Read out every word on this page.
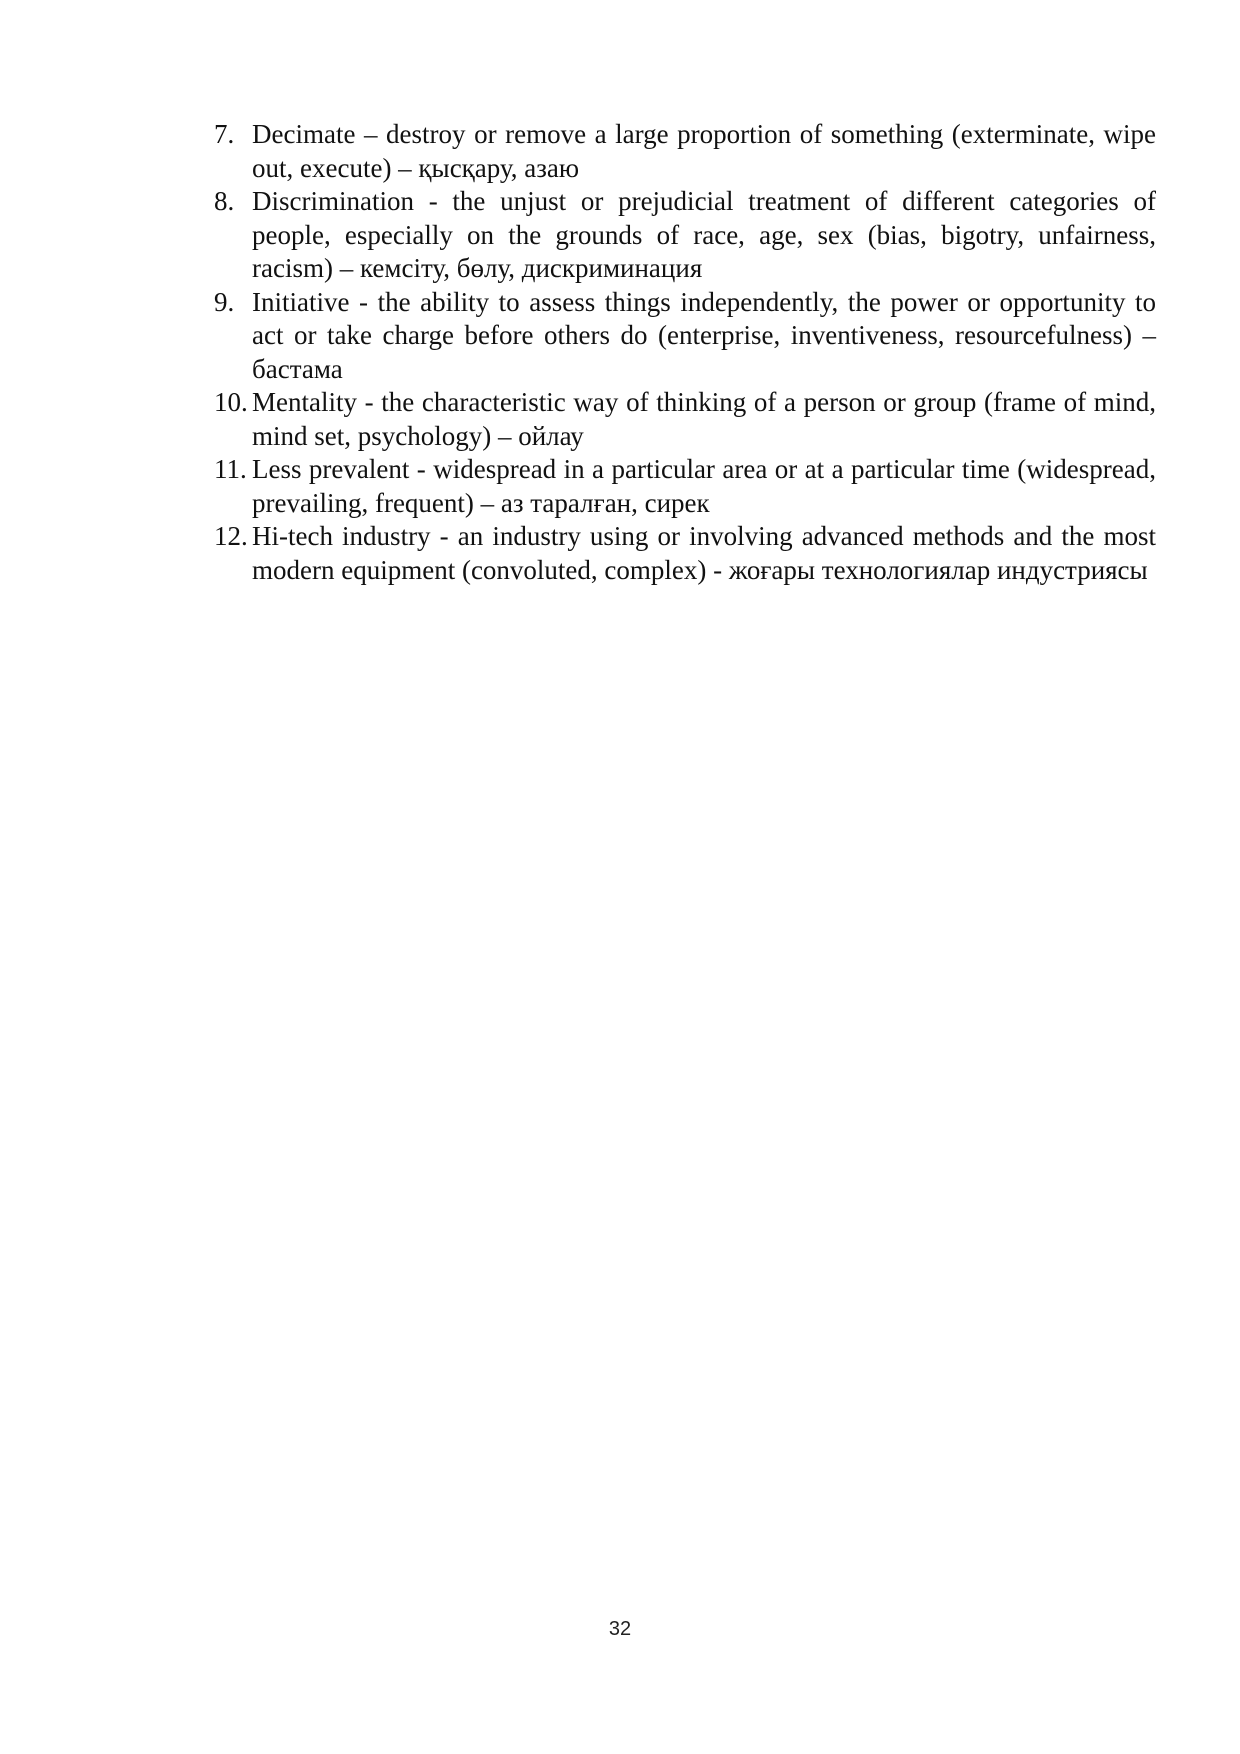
7. Decimate – destroy or remove a large proportion of something (exterminate, wipe out, execute) – қысқару, азаю
8. Discrimination - the unjust or prejudicial treatment of different categories of people, especially on the grounds of race, age, sex (bias, bigotry, unfairness, racism) – кемсіту, бөлу, дискриминация
9. Initiative - the ability to assess things independently, the power or opportunity to act or take charge before others do (enterprise, inventiveness, resourcefulness) – бастама
10. Mentality - the characteristic way of thinking of a person or group (frame of mind, mind set, psychology) – ойлау
11. Less prevalent - widespread in a particular area or at a particular time (widespread, prevailing, frequent) – аз таралған, сирек
12. Hi-tech industry - an industry using or involving advanced methods and the most modern equipment (convoluted, complex) - жоғары технологиялар индустриясы
32
